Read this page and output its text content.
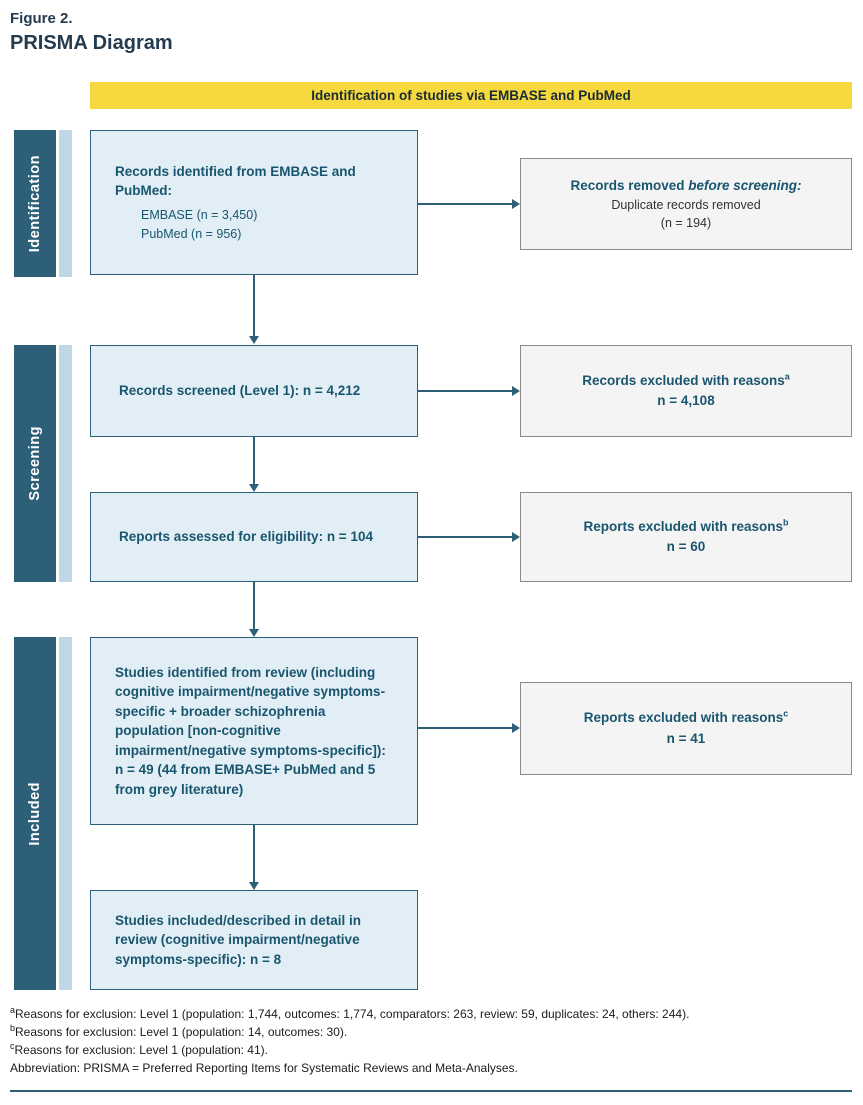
Figure 2.
PRISMA Diagram
Identification of studies via EMBASE and PubMed
Identification
Screening
Included
Records identified from EMBASE and PubMed:
EMBASE (n = 3,450)
PubMed (n = 956)
Records screened (Level 1): n = 4,212
Reports assessed for eligibility: n = 104
Studies identified from review (including cognitive impairment/negative symptoms-specific + broader schizophrenia population [non-cognitive impairment/negative symptoms-specific]): n = 49 (44 from EMBASE+ PubMed and 5 from grey literature)
Studies included/described in detail in review (cognitive impairment/negative symptoms-specific): n = 8
Records removed before screening:
Duplicate records removed
(n = 194)
Records excluded with reasons$^a$
n = 4,108
Reports excluded with reasons$^b$
n = 60
Reports excluded with reasons$^c$
n = 41
$^a$Reasons for exclusion: Level 1 (population: 1,744, outcomes: 1,774, comparators: 263, review: 59, duplicates: 24, others: 244).
$^b$Reasons for exclusion: Level 1 (population: 14, outcomes: 30).
$^c$Reasons for exclusion: Level 1 (population: 41).
Abbreviation: PRISMA = Preferred Reporting Items for Systematic Reviews and Meta-Analyses.
